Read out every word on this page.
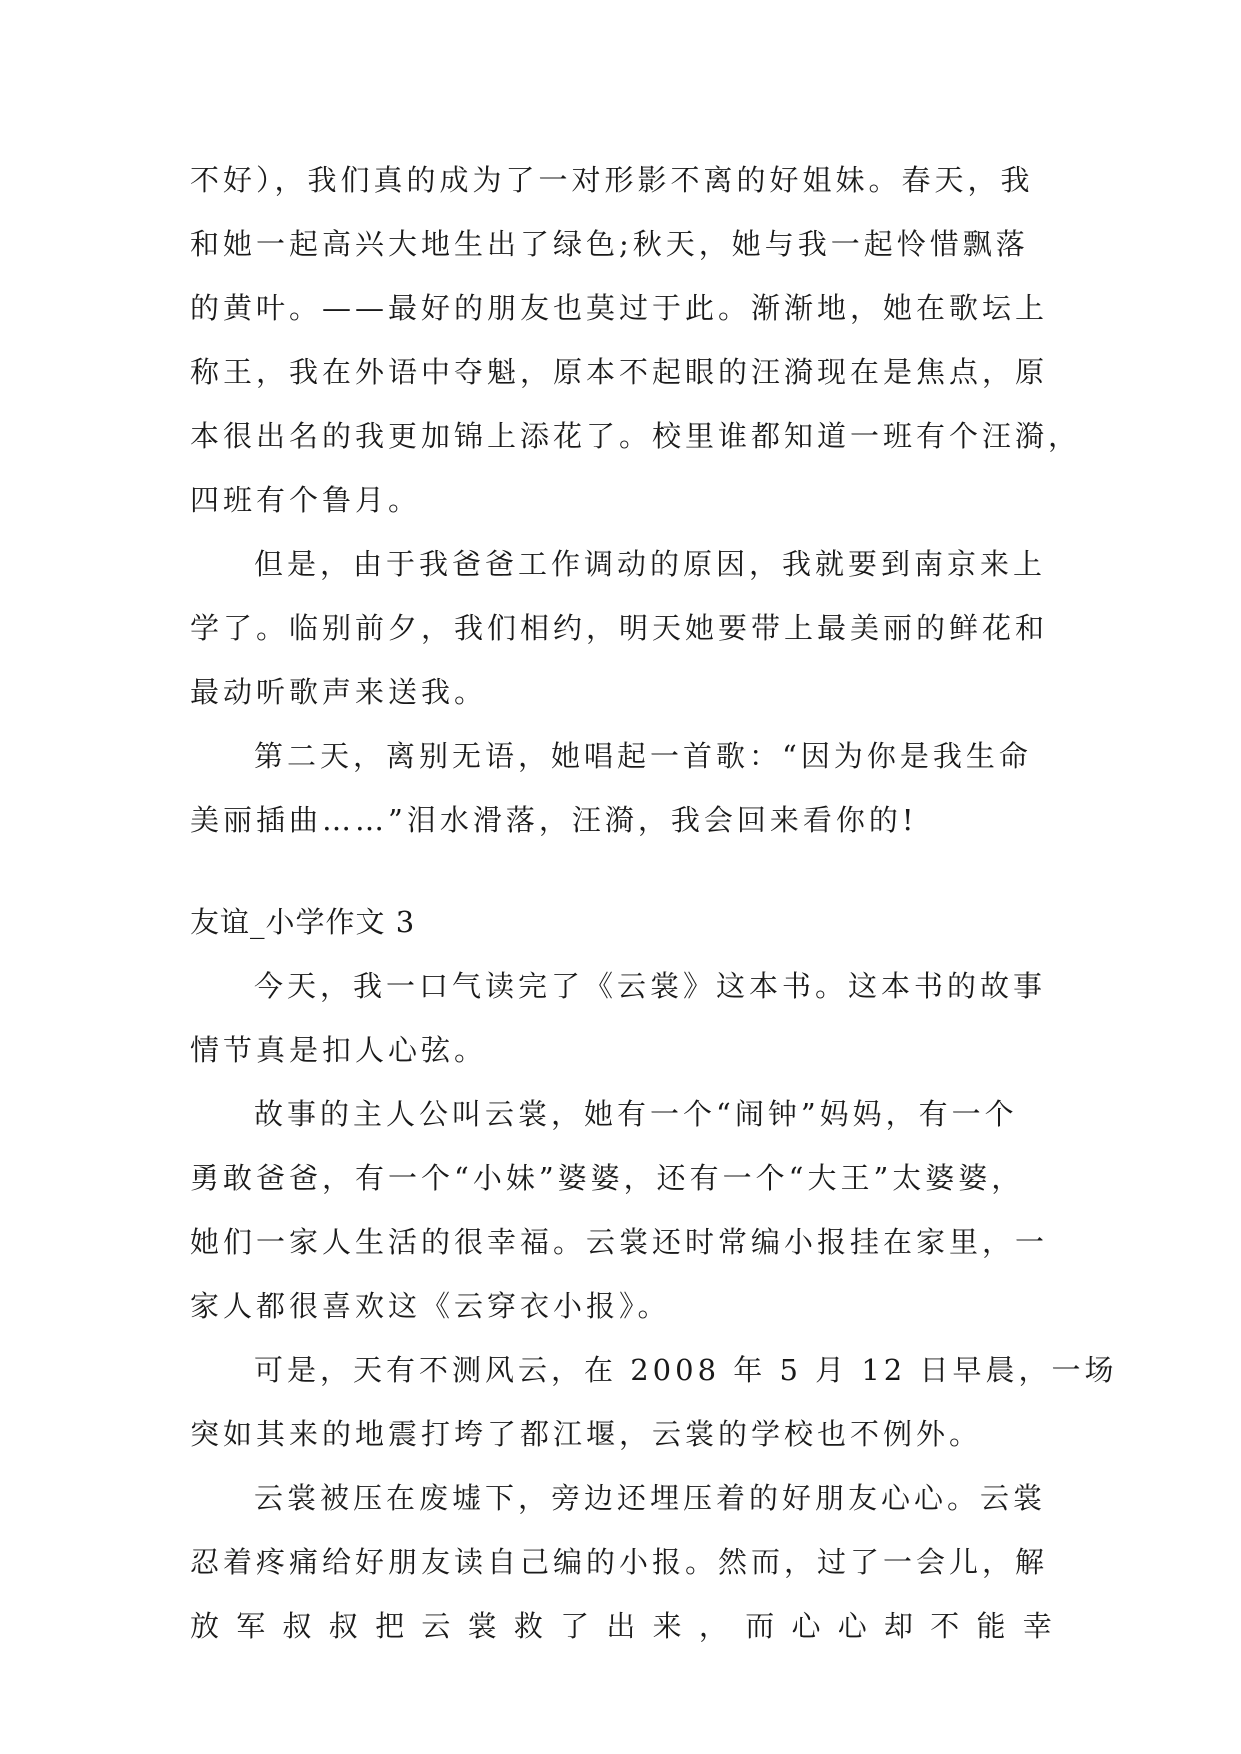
不好），我们真的成为了一对形影不离的好姐妹。春天，我
和她一起高兴大地生出了绿色;秋天，她与我一起怜惜飘落
的黄叶。——最好的朋友也莫过于此。渐渐地，她在歌坛上
称王，我在外语中夺魁，原本不起眼的汪漪现在是焦点，原
本很出名的我更加锦上添花了。校里谁都知道一班有个汪漪，
四班有个鲁月。
但是，由于我爸爸工作调动的原因，我就要到南京来上
学了。临别前夕，我们相约，明天她要带上最美丽的鲜花和
最动听歌声来送我。
第二天，离别无语，她唱起一首歌：“因为你是我生命
美丽插曲……”泪水滑落，汪漪，我会回来看你的!
友谊_小学作文 3
今天，我一口气读完了《云裳》这本书。这本书的故事
情节真是扣人心弦。
故事的主人公叫云裳，她有一个“闹钟”妈妈，有一个
勇敢爸爸，有一个“小妹”婆婆，还有一个“大王”太婆婆，
她们一家人生活的很幸福。云裳还时常编小报挂在家里，一
家人都很喜欢这《云穿衣小报》。
可是，天有不测风云，在 2008 年 5 月 12 日早晨，一场
突如其来的地震打垮了都江堰，云裳的学校也不例外。
云裳被压在废墟下，旁边还埋压着的好朋友心心。云裳
忍着疼痛给好朋友读自己编的小报。然而，过了一会儿，解
放 军 叔 叔 把 云 裳 救 了 出 来 ， 而 心 心 却 不 能 幸
